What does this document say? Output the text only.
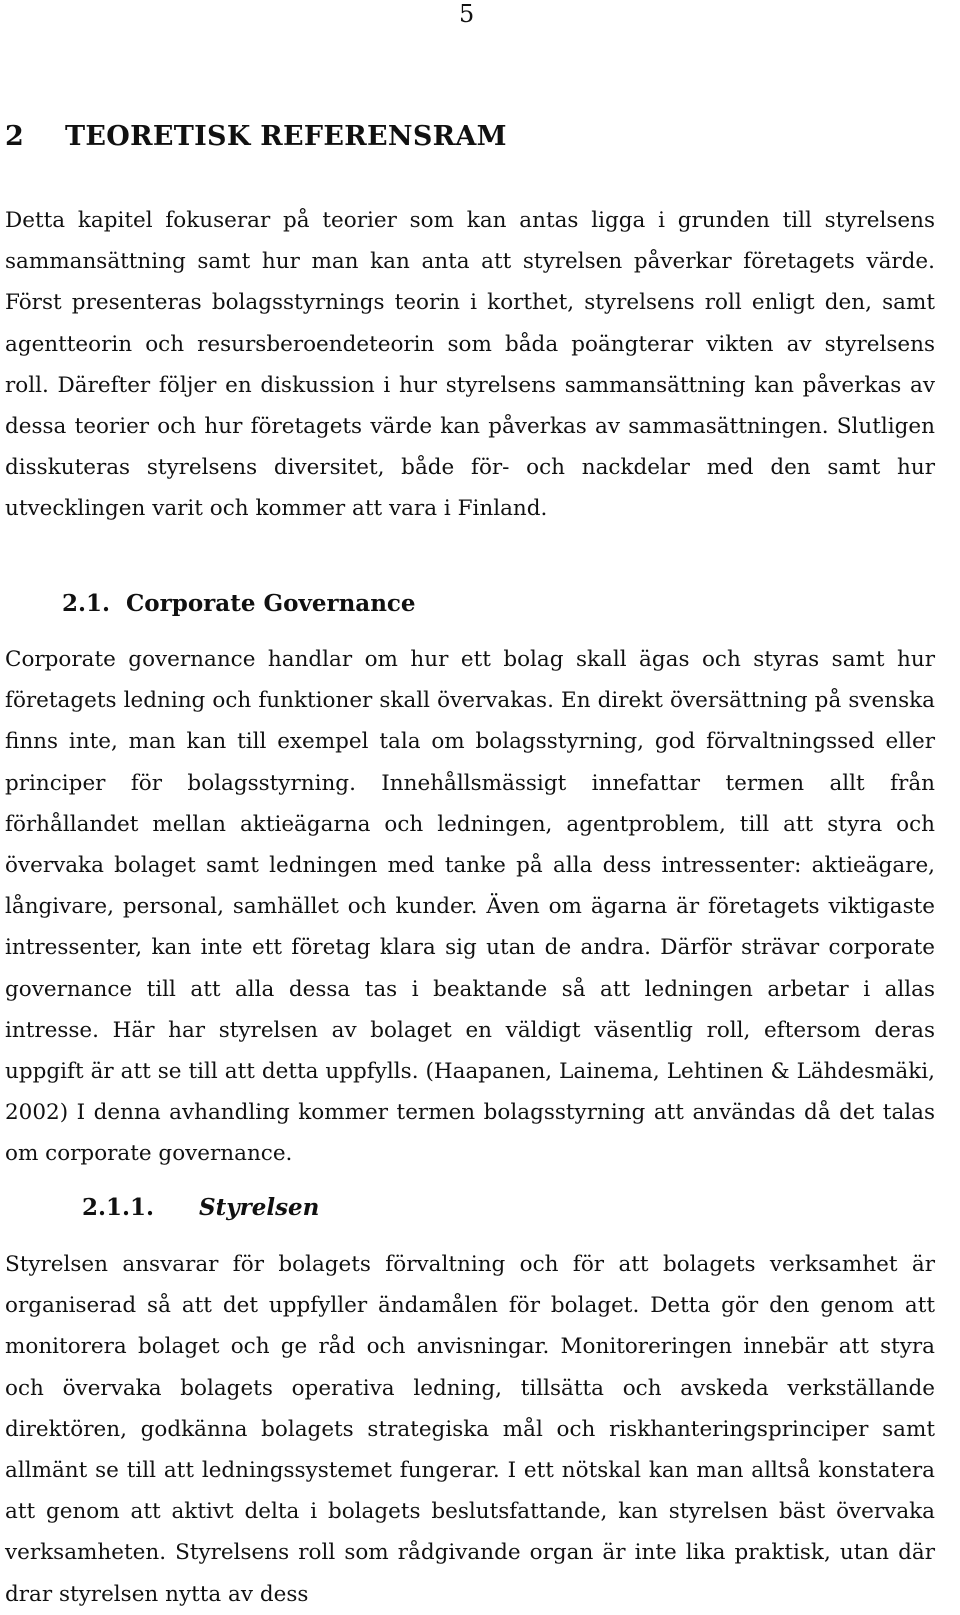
5
2 TEORETISK REFERENSRAM

Detta kapitel fokuserar på teorier som kan antas ligga i grunden till styrelsens sammansättning samt hur man kan anta att styrelsen påverkar företagets värde. Först presenteras bolagsstyrnings teorin i korthet, styrelsens roll enligt den, samt agentteorin och resursberoendeteorin som båda poängterar vikten av styrelsens roll. Därefter följer en diskussion i hur styrelsens sammansättning kan påverkas av dessa teorier och hur företagets värde kan påverkas av sammasättningen. Slutligen disskuteras styrelsens diversitet, både för- och nackdelar med den samt hur utvecklingen varit och kommer att vara i Finland.

2.1. Corporate Governance

Corporate governance handlar om hur ett bolag skall ägas och styras samt hur företagets ledning och funktioner skall övervakas. En direkt översättning på svenska finns inte, man kan till exempel tala om bolagsstyrning, god förvaltningssed eller principer för bolagsstyrning. Innehållsmässigt innefattar termen allt från förhållandet mellan aktieägarna och ledningen, agentproblem, till att styra och övervaka bolaget samt ledningen med tanke på alla dess intressenter: aktieägare, långivare, personal, samhället och kunder. Även om ägarna är företagets viktigaste intressenter, kan inte ett företag klara sig utan de andra. Därför strävar corporate governance till att alla dessa tas i beaktande så att ledningen arbetar i allas intresse. Här har styrelsen av bolaget en väldigt väsentlig roll, eftersom deras uppgift är att se till att detta uppfylls. (Haapanen, Lainema, Lehtinen & Lähdesmäki, 2002) I denna avhandling kommer termen bolagsstyrning att användas då det talas om corporate governance.

2.1.1. Styrelsen

Styrelsen ansvarar för bolagets förvaltning och för att bolagets verksamhet är organiserad så att det uppfyller ändamålen för bolaget. Detta gör den genom att monitorera bolaget och ge råd och anvisningar. Monitoreringen innebär att styra och övervaka bolagets operativa ledning, tillsätta och avskeda verkställande direktören, godkänna bolagets strategiska mål och riskhanteringsprinciper samt allmänt se till att ledningssystemet fungerar. I ett nötskal kan man alltså konstatera att genom att aktivt delta i bolagets beslutsfattande, kan styrelsen bäst övervaka verksamheten. Styrelsens roll som rådgivande organ är inte lika praktisk, utan där drar styrelsen nytta av dess
